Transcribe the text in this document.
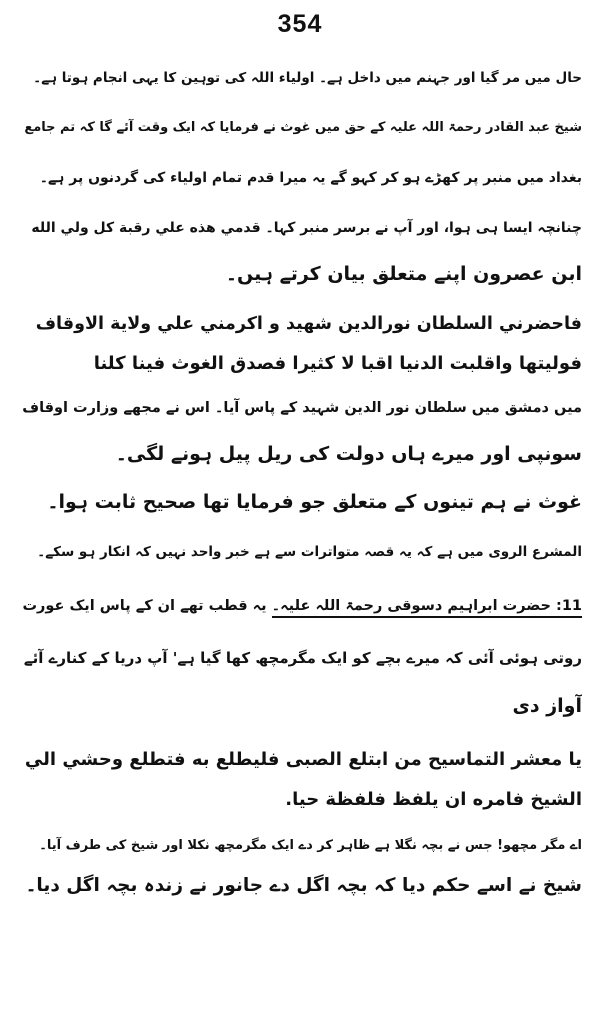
354
حال میں مر گیا اور جہنم میں داخل ہے۔ اولیاء اللہ کی توہین کا یہی انجام ہوتا ہے۔
شیخ عبد القادر رحمۃ اللہ علیہ کے حق میں غوث نے فرمایا کہ ایک وقت آئے گا کہ تم جامع
بغداد میں منبر پر کھڑے ہو کر کہو گے یہ میرا قدم تمام اولیاء کی گردنوں پر ہے۔
چنانچہ ایسا ہی ہوا، اور آپ نے برسر منبر کہا۔ قدمي هذه علي رقبة كل ولي الله
ابن عصرون اپنے متعلق بیان کرتے ہیں۔
فاحضرني السلطان نورالدين شهيد و اكرمني علي ولاية الاوقاف
فوليتها واقلبت الدنيا اقبا لا كثيرا فصدق الغوث فينا كلنا
میں دمشق میں سلطان نور الدین شہید کے پاس آیا۔ اس نے مجھے وزارت اوقاف
سونپی اور میرے ہاں دولت کی ریل پیل ہونے لگی۔
غوث نے ہم تینوں کے متعلق جو فرمایا تھا صحیح ثابت ہوا۔
المشرع الروی میں ہے کہ یہ قصہ متواترات سے ہے خبر واحد نہیں کہ انکار ہو سکے۔
11: حضرت ابراہیم دسوقی رحمۃ اللہ علیہ۔ یہ قطب تھے ان کے پاس ایک عورت
روتی ہوئی آئی کہ میرے بچے کو ایک مگرمچھ کھا گیا ہے' آپ دریا کے کنارے آئے
آواز دی
يا معشر التماسيح من ابتلع الصبی فليطلع به فتطلع وحشي الي
الشيخ فامره ان يلفظ فلفظة حيا.
اے مگر مچھو! جس نے بچہ نگلا ہے ظاہر کر دے ایک مگرمچھ نکلا اور شیخ کی طرف آیا۔
شیخ نے اسے حکم دیا کہ بچہ اگل دے جانور نے زندہ بچہ اگل دیا۔
